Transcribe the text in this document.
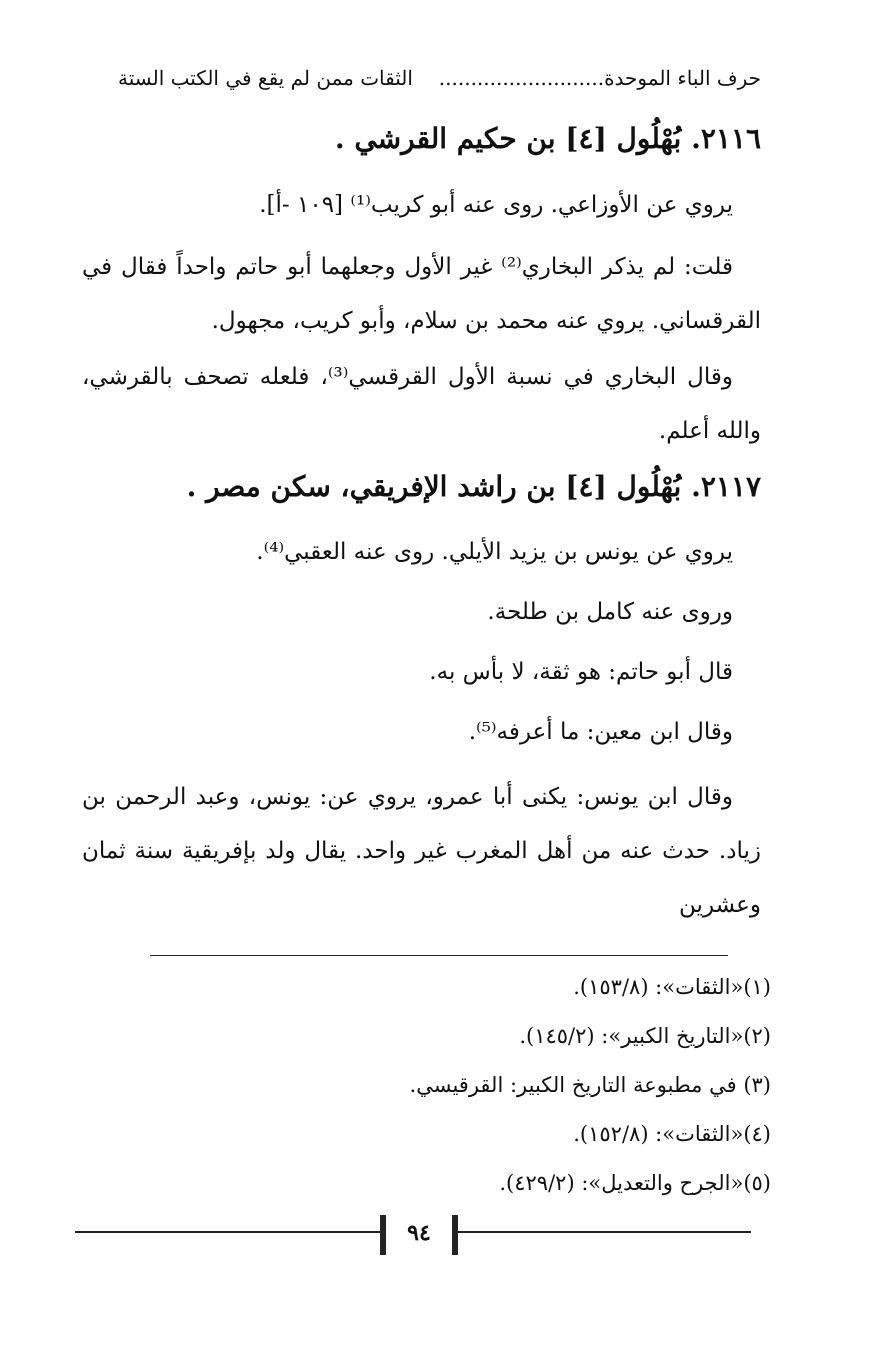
حرف الباء الموحدة..........................
الثقات ممن لم يقع في الكتب الستة
٢١١٦. بُهْلُول [٤] بن حكيم القرشي .

يروي عن الأوزاعي. روى عنه أبو كريب⁽¹⁾ [١٠٩ -أ].

قلت: لم يذكر البخاري⁽²⁾ غير الأول وجعلهما أبو حاتم واحداً فقال في القرقساني. يروي عنه محمد بن سلام، وأبو كريب، مجهول.

وقال البخاري في نسبة الأول القرقسي⁽³⁾، فلعله تصحف بالقرشي، والله أعلم.

٢١١٧. بُهْلُول [٤] بن راشد الإفريقي، سكن مصر .

يروي عن يونس بن يزيد الأيلي. روى عنه العقبي⁽⁴⁾.

وروى عنه كامل بن طلحة.

قال أبو حاتم: هو ثقة، لا بأس به.

وقال ابن معين: ما أعرفه⁽⁵⁾.

وقال ابن يونس: يكنى أبا عمرو، يروي عن: يونس، وعبد الرحمن بن زياد. حدث عنه من أهل المغرب غير واحد. يقال ولد بإفريقية سنة ثمان وعشرين

(١)«الثقات»: (١٥٣/٨).
(٢)«التاريخ الكبير»: (١٤٥/٢).
(٣) في مطبوعة التاريخ الكبير: القرقيسي.
(٤)«الثقات»: (١٥٢/٨).
(٥)«الجرح والتعديل»: (٤٢٩/٢).
٩٤
